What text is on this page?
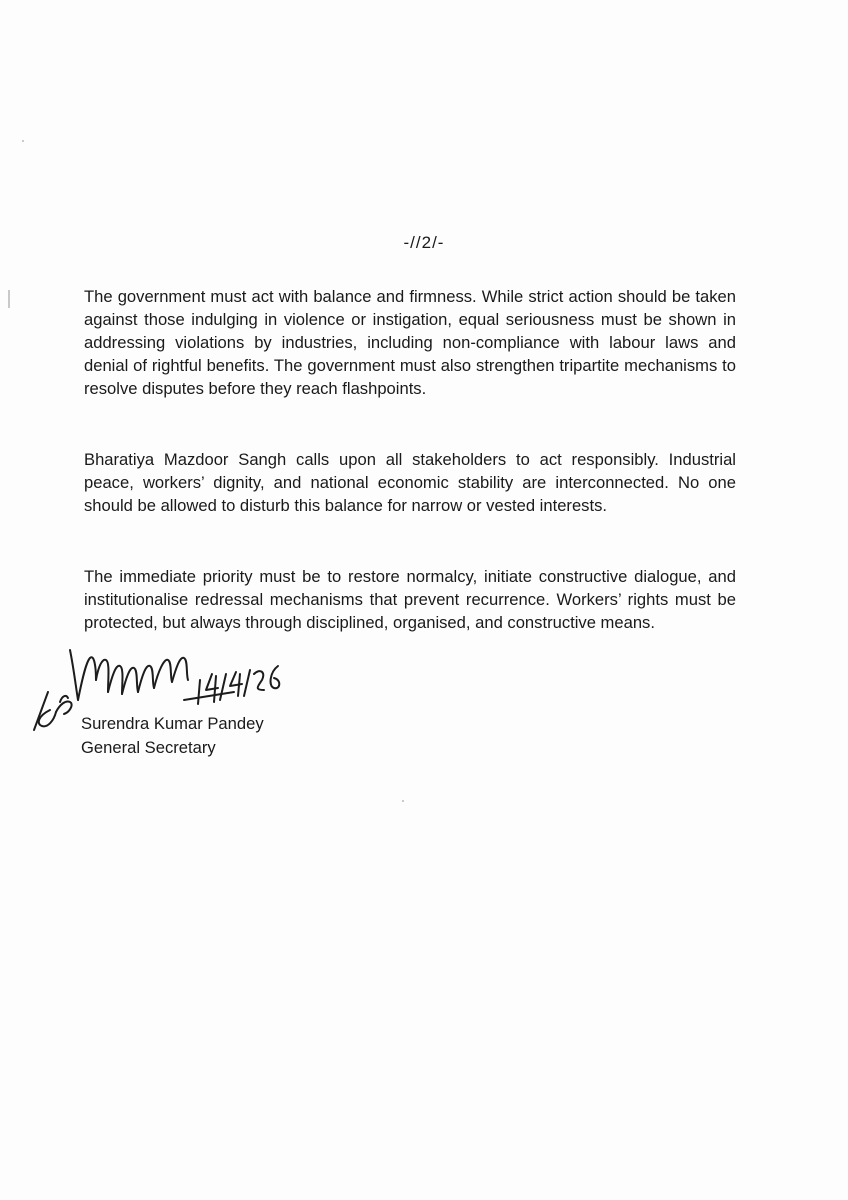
-//2/-

The government must act with balance and firmness. While strict action should be taken against those indulging in violence or instigation, equal seriousness must be shown in addressing violations by industries, including non-compliance with labour laws and denial of rightful benefits. The government must also strengthen tripartite mechanisms to resolve disputes before they reach flashpoints.

Bharatiya Mazdoor Sangh calls upon all stakeholders to act responsibly. Industrial peace, workers’ dignity, and national economic stability are interconnected. No one should be allowed to disturb this balance for narrow or vested interests.

The immediate priority must be to restore normalcy, initiate constructive dialogue, and institutionalise redressal mechanisms that prevent recurrence. Workers’ rights must be protected, but always through disciplined, organised, and constructive means.

Surendra Kumar Pandey
General Secretary
